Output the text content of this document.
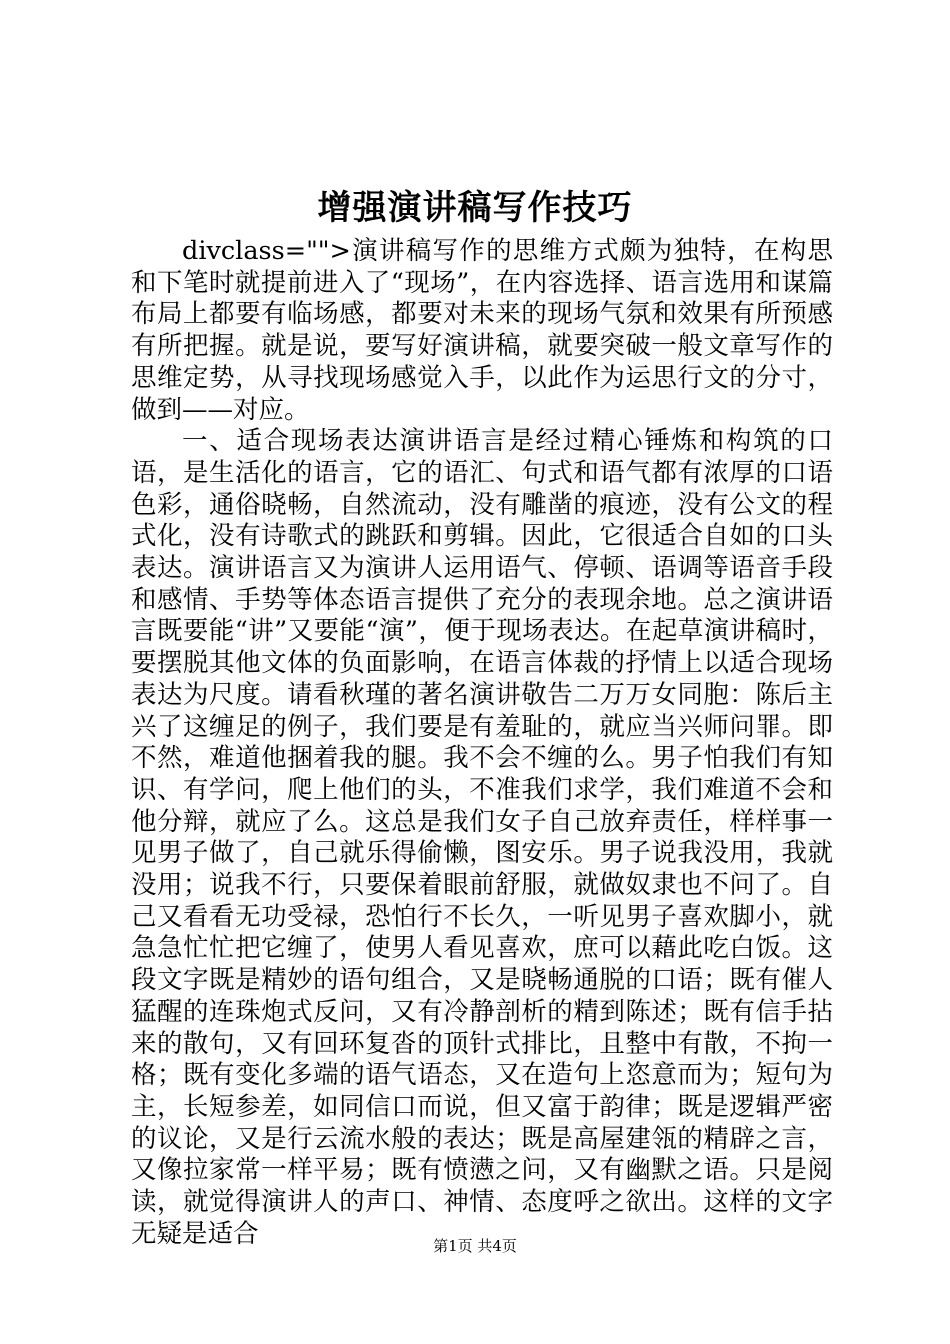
增强演讲稿写作技巧

divclass="">演讲稿写作的思维方式颇为独特，在构思和下笔时就提前进入了“现场”，在内容选择、语言选用和谋篇布局上都要有临场感，都要对未来的现场气氛和效果有所预感有所把握。就是说，要写好演讲稿，就要突破一般文章写作的思维定势，从寻找现场感觉入手，以此作为运思行文的分寸，做到——对应。

一、适合现场表达演讲语言是经过精心锤炼和构筑的口语，是生活化的语言，它的语汇、句式和语气都有浓厚的口语色彩，通俗晓畅，自然流动，没有雕凿的痕迹，没有公文的程式化，没有诗歌式的跳跃和剪辑。因此，它很适合自如的口头表达。演讲语言又为演讲人运用语气、停顿、语调等语音手段和感情、手势等体态语言提供了充分的表现余地。总之演讲语言既要能“讲”又要能“演”，便于现场表达。在起草演讲稿时，要摆脱其他文体的负面影响，在语言体裁的抒情上以适合现场表达为尺度。请看秋瑾的著名演讲敬告二万万女同胞：陈后主兴了这缠足的例子，我们要是有羞耻的，就应当兴师问罪。即不然，难道他捆着我的腿。我不会不缠的么。男子怕我们有知识、有学问，爬上他们的头，不准我们求学，我们难道不会和他分辩，就应了么。这总是我们女子自己放弃责任，样样事一见男子做了，自己就乐得偷懒，图安乐。男子说我没用，我就没用；说我不行，只要保着眼前舒服，就做奴隶也不问了。自己又看看无功受禄，恐怕行不长久，一听见男子喜欢脚小，就急急忙忙把它缠了，使男人看见喜欢，庶可以藉此吃白饭。这段文字既是精妙的语句组合，又是晓畅通脱的口语；既有催人猛醒的连珠炮式反问，又有冷静剖析的精到陈述；既有信手拈来的散句，又有回环复沓的顶针式排比，且整中有散，不拘一格；既有变化多端的语气语态，又在造句上恣意而为；短句为主，长短参差，如同信口而说，但又富于韵律；既是逻辑严密的议论，又是行云流水般的表达；既是高屋建瓴的精辟之言，又像拉家常一样平易；既有愤懑之问，又有幽默之语。只是阅读，就觉得演讲人的声口、神情、态度呼之欲出。这样的文字无疑是适合	第1页 共4页
